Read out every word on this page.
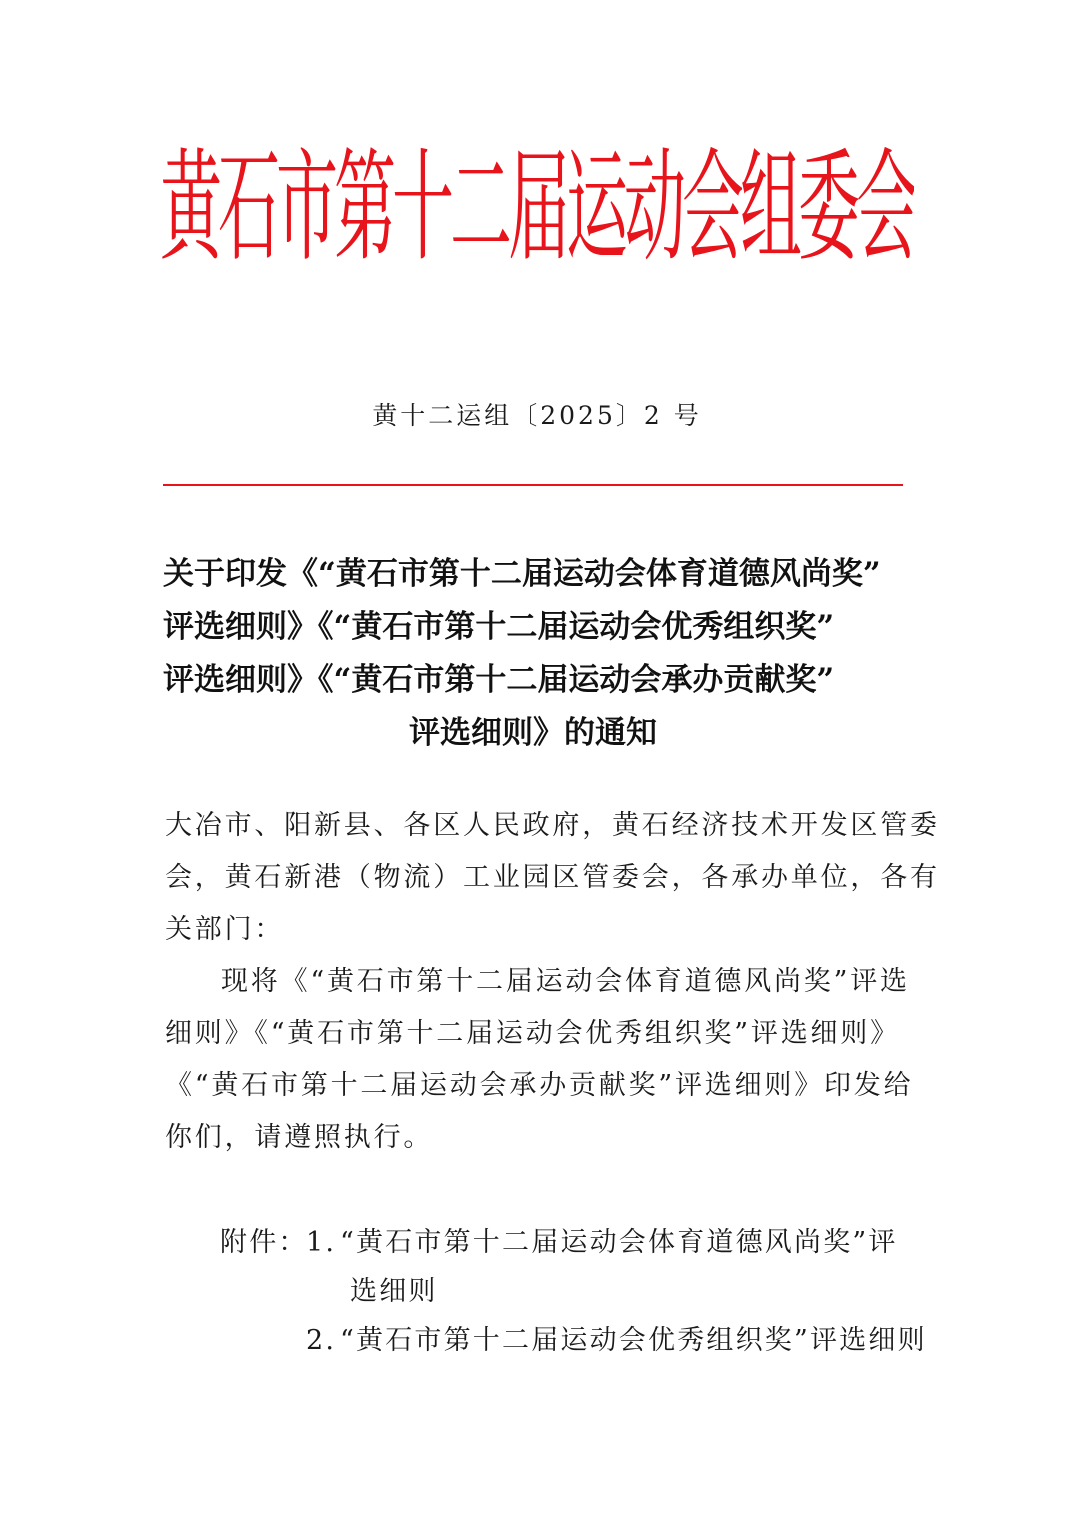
黄石市第十二届运动会组委会
黄十二运组〔2025〕2 号
关于印发《“黄石市第十二届运动会体育道德风尚奖”
评选细则》《“黄石市第十二届运动会优秀组织奖”
评选细则》《“黄石市第十二届运动会承办贡献奖”
评选细则》的通知
大冶市、阳新县、各区人民政府，黄石经济技术开发区管委
会，黄石新港（物流）工业园区管委会，各承办单位，各有
关部门：
现将《“黄石市第十二届运动会体育道德风尚奖”评选
细则》《“黄石市第十二届运动会优秀组织奖”评选细则》
《“黄石市第十二届运动会承办贡献奖”评选细则》印发给
你们，请遵照执行。
附件：
1. “黄石市第十二届运动会体育道德风尚奖”评
选细则
2. “黄石市第十二届运动会优秀组织奖”评选细则
